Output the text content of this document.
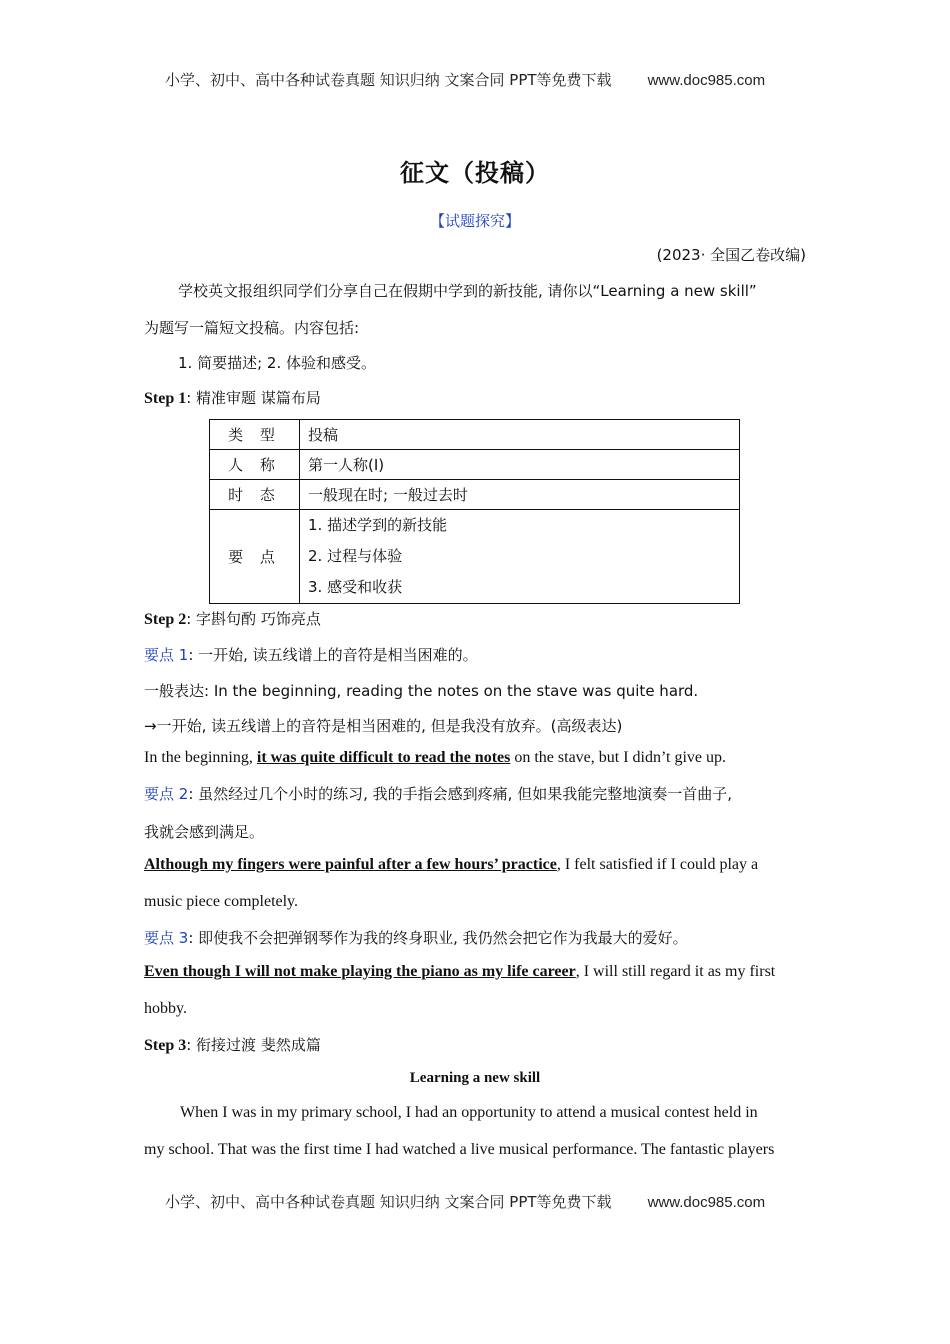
小学、初中、高中各种试卷真题 知识归纳 文案合同 PPT等免费下载 www.doc985.com
征文（投稿）
【试题探究】
(2023· 全国乙卷改编)
学校英文报组织同学们分享自己在假期中学到的新技能, 请你以“Learning a new skill”
为题写一篇短文投稿。内容包括:
1. 简要描述; 2. 体验和感受。
Step 1: 精准审题 谋篇布局
类 型	投稿
人 称	第一人称(I)
时 态	一般现在时; 一般过去时
要 点	1. 描述学到的新技能
2. 过程与体验
3. 感受和收获
Step 2: 字斟句酌 巧饰亮点
要点 1: 一开始, 读五线谱上的音符是相当困难的。
一般表达: In the beginning, reading the notes on the stave was quite hard.
→一开始, 读五线谱上的音符是相当困难的, 但是我没有放弃。(高级表达)
In the beginning, it was quite difficult to read the notes on the stave, but I didn’t give up.
要点 2: 虽然经过几个小时的练习, 我的手指会感到疼痛, 但如果我能完整地演奏一首曲子,
我就会感到满足。
Although my fingers were painful after a few hours’ practice, I felt satisfied if I could play a
music piece completely.
要点 3: 即使我不会把弹钢琴作为我的终身职业, 我仍然会把它作为我最大的爱好。
Even though I will not make playing the piano as my life career, I will still regard it as my first
hobby.
Step 3: 衔接过渡 斐然成篇
Learning a new skill
When I was in my primary school, I had an opportunity to attend a musical contest held in
my school. That was the first time I had watched a live musical performance. The fantastic players
小学、初中、高中各种试卷真题 知识归纳 文案合同 PPT等免费下载 www.doc985.com
